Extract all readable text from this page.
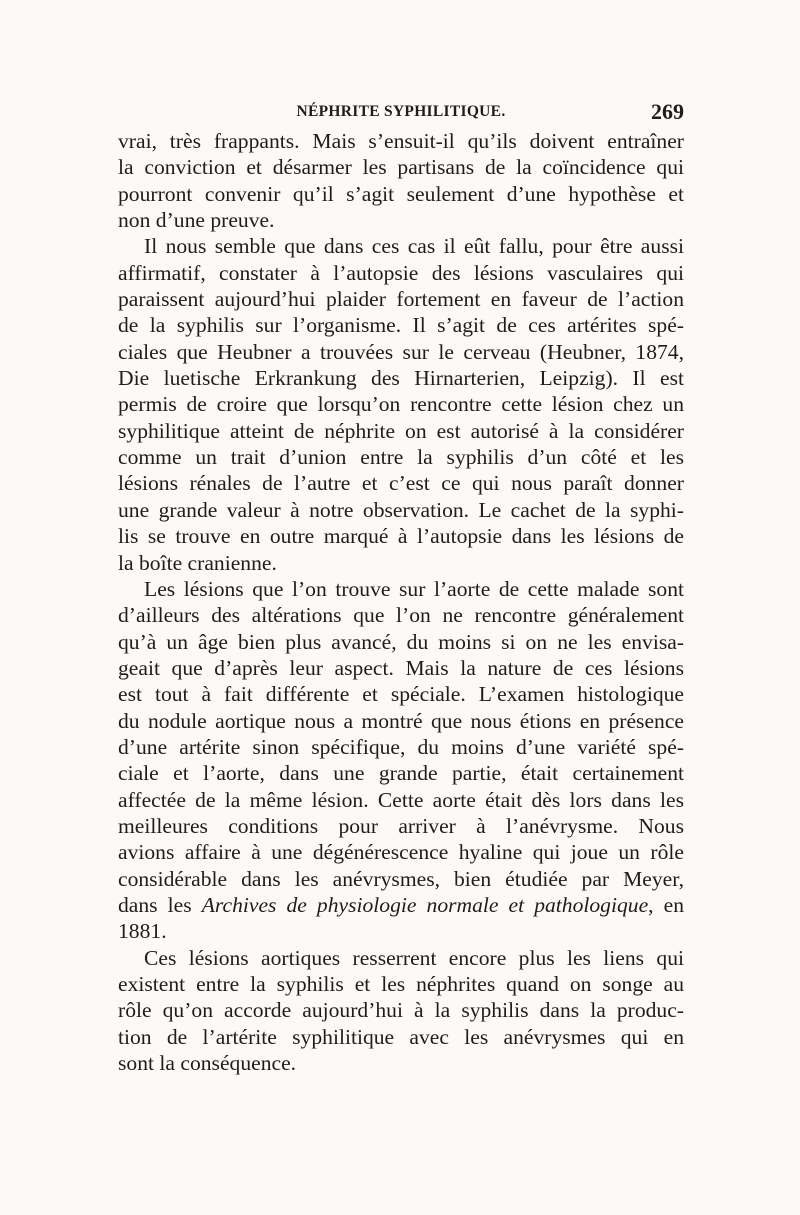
NÉPHRITE SYPHILITIQUE.	269
vrai, très frappants. Mais s’ensuit-il qu’ils doivent entraîner
la conviction et désarmer les partisans de la coïncidence qui
pourront convenir qu’il s’agit seulement d’une hypothèse et
non d’une preuve.
Il nous semble que dans ces cas il eût fallu, pour être aussi
affirmatif, constater à l’autopsie des lésions vasculaires qui
paraissent aujourd’hui plaider fortement en faveur de l’action
de la syphilis sur l’organisme. Il s’agit de ces artérites spé-
ciales que Heubner a trouvées sur le cerveau (Heubner, 1874,
Die luetische Erkrankung des Hirnarterien, Leipzig). Il est
permis de croire que lorsqu’on rencontre cette lésion chez un
syphilitique atteint de néphrite on est autorisé à la considérer
comme un trait d’union entre la syphilis d’un côté et les
lésions rénales de l’autre et c’est ce qui nous paraît donner
une grande valeur à notre observation. Le cachet de la syphi-
lis se trouve en outre marqué à l’autopsie dans les lésions de
la boîte cranienne.
Les lésions que l’on trouve sur l’aorte de cette malade sont
d’ailleurs des altérations que l’on ne rencontre généralement
qu’à un âge bien plus avancé, du moins si on ne les envisa-
geait que d’après leur aspect. Mais la nature de ces lésions
est tout à fait différente et spéciale. L’examen histologique
du nodule aortique nous a montré que nous étions en présence
d’une artérite sinon spécifique, du moins d’une variété spé-
ciale et l’aorte, dans une grande partie, était certainement
affectée de la même lésion. Cette aorte était dès lors dans les
meilleures conditions pour arriver à l’anévrysme. Nous
avions affaire à une dégénérescence hyaline qui joue un rôle
considérable dans les anévrysmes, bien étudiée par Meyer,
dans les Archives de physiologie normale et pathologique, en
1881.
Ces lésions aortiques resserrent encore plus les liens qui
existent entre la syphilis et les néphrites quand on songe au
rôle qu’on accorde aujourd’hui à la syphilis dans la produc-
tion de l’artérite syphilitique avec les anévrysmes qui en
sont la conséquence.
